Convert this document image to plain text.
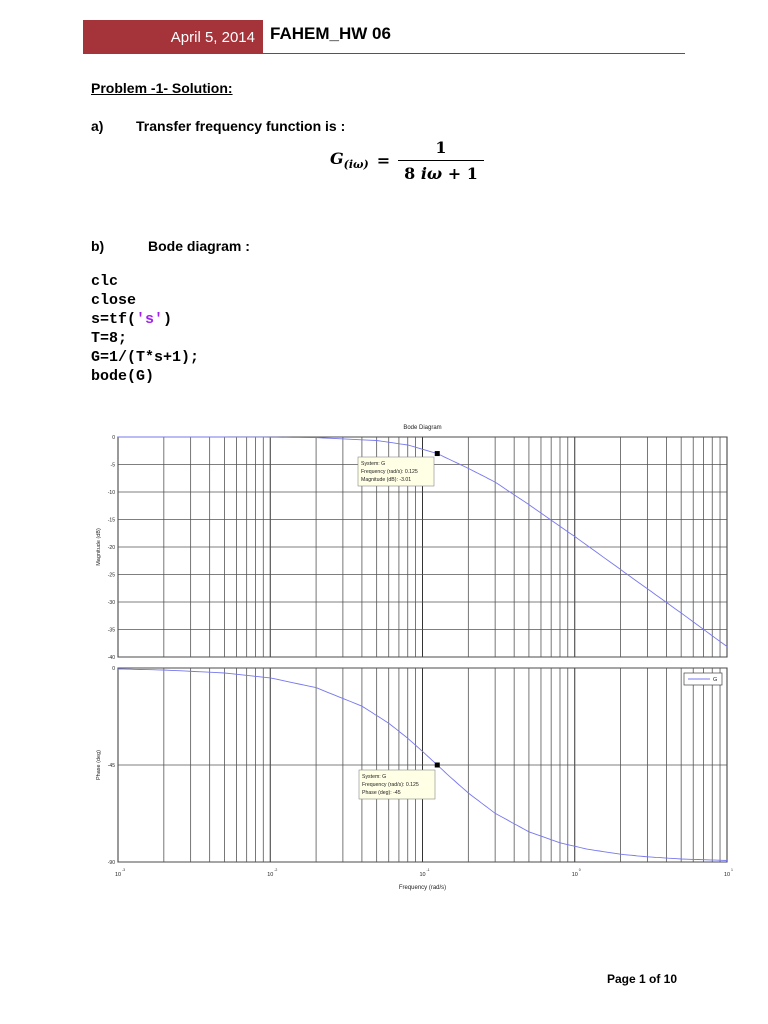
April 5, 2014 FAHEM_HW 06
Problem -1- Solution:
a) Transfer frequency function is :
$G_{(i\omega)} = \frac{1}{8 i\omega + 1}$
b)	Bode diagram :
clc
close
s=tf('s')
T=8;
G=1/(T*s+1);
bode(G)
Bode Diagram
0
-5
-10
-15
-20
-25
-30
-35
-40
0
-45
-90
Magnitude (dB)
Phase (deg)
10
-3
10
-2
10
-1
10
0
10
1
Frequency (rad/s)
System: G
Frequency (rad/s): 0.125
Magnitude (dB): -3.01
System: G
Frequency (rad/s): 0.125
Phase (deg): -45
G
Page 1 of 10
